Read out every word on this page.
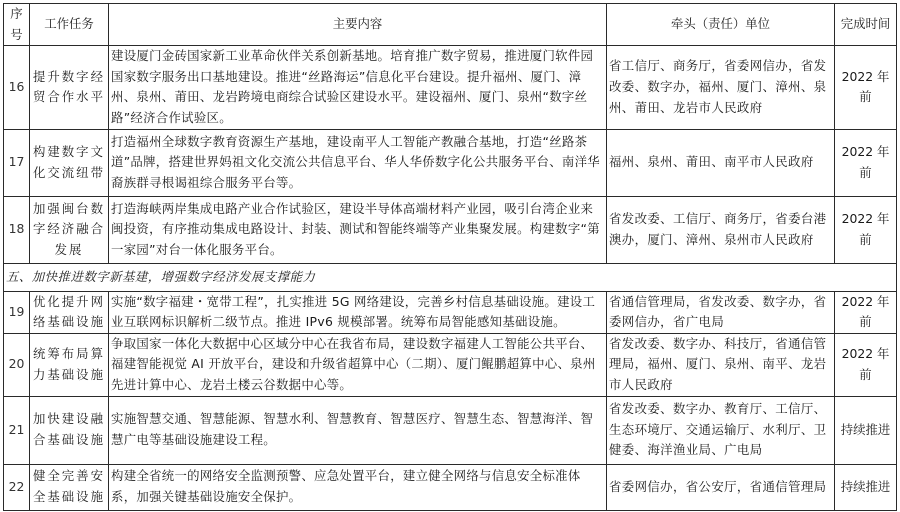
序号	工作任务	主要内容	牵头（责任）单位	完成时间
16	提升数字经贸合作水平	建设厦门金砖国家新工业革命伙伴关系创新基地。培育推广数字贸易，推进厦门软件园国家数字服务出口基地建设。推进“丝路海运”信息化平台建设。提升福州、厦门、漳州、泉州、莆田、龙岩跨境电商综合试验区建设水平。建设福州、厦门、泉州“数字丝路”经济合作试验区。	省工信厅、商务厅，省委网信办，省发改委、数字办，福州、厦门、漳州、泉州、莆田、龙岩市人民政府	2022 年前
17	构建数字文化交流纽带	打造福州全球数字教育资源生产基地，建设南平人工智能产教融合基地，打造“丝路茶道”品牌，搭建世界妈祖文化交流公共信息平台、华人华侨数字化公共服务平台、南洋华裔族群寻根谒祖综合服务平台等。	福州、泉州、莆田、南平市人民政府	2022 年前
18	加强闽台数字经济融合发展	打造海峡两岸集成电路产业合作试验区，建设半导体高端材料产业园，吸引台湾企业来闽投资，有序推动集成电路设计、封装、测试和智能终端等产业集聚发展。构建数字“第一家园”对台一体化服务平台。	省发改委、工信厅、商务厅，省委台港澳办，厦门、漳州、泉州市人民政府	2022 年前
五、加快推进数字新基建，增强数字经济发展支撑能力				
19	优化提升网络基础设施	实施“数字福建・宽带工程”，扎实推进 5G 网络建设，完善乡村信息基础设施。建设工业互联网标识解析二级节点。推进 IPv6 规模部署。统筹布局智能感知基础设施。	省通信管理局，省发改委、数字办，省委网信办，省广电局	2022 年前
20	统筹布局算力基础设施	争取国家一体化大数据中心区域分中心在我省布局，建设数字福建人工智能公共平台、福建智能视觉 AI 开放平台，建设和升级省超算中心（二期）、厦门鲲鹏超算中心、泉州先进计算中心、龙岩土楼云谷数据中心等。	省发改委、数字办、科技厅，省通信管理局，福州、厦门、泉州、南平、龙岩市人民政府	2022 年前
21	加快建设融合基础设施	实施智慧交通、智慧能源、智慧水利、智慧教育、智慧医疗、智慧生态、智慧海洋、智慧广电等基础设施建设工程。	省发改委、数字办、教育厅、工信厅、生态环境厅、交通运输厅、水利厅、卫健委、海洋渔业局、广电局	持续推进
22	健全完善安全基础设施	构建全省统一的网络安全监测预警、应急处置平台，建立健全网络与信息安全标准体系，加强关键基础设施安全保护。	省委网信办，省公安厅，省通信管理局	持续推进
